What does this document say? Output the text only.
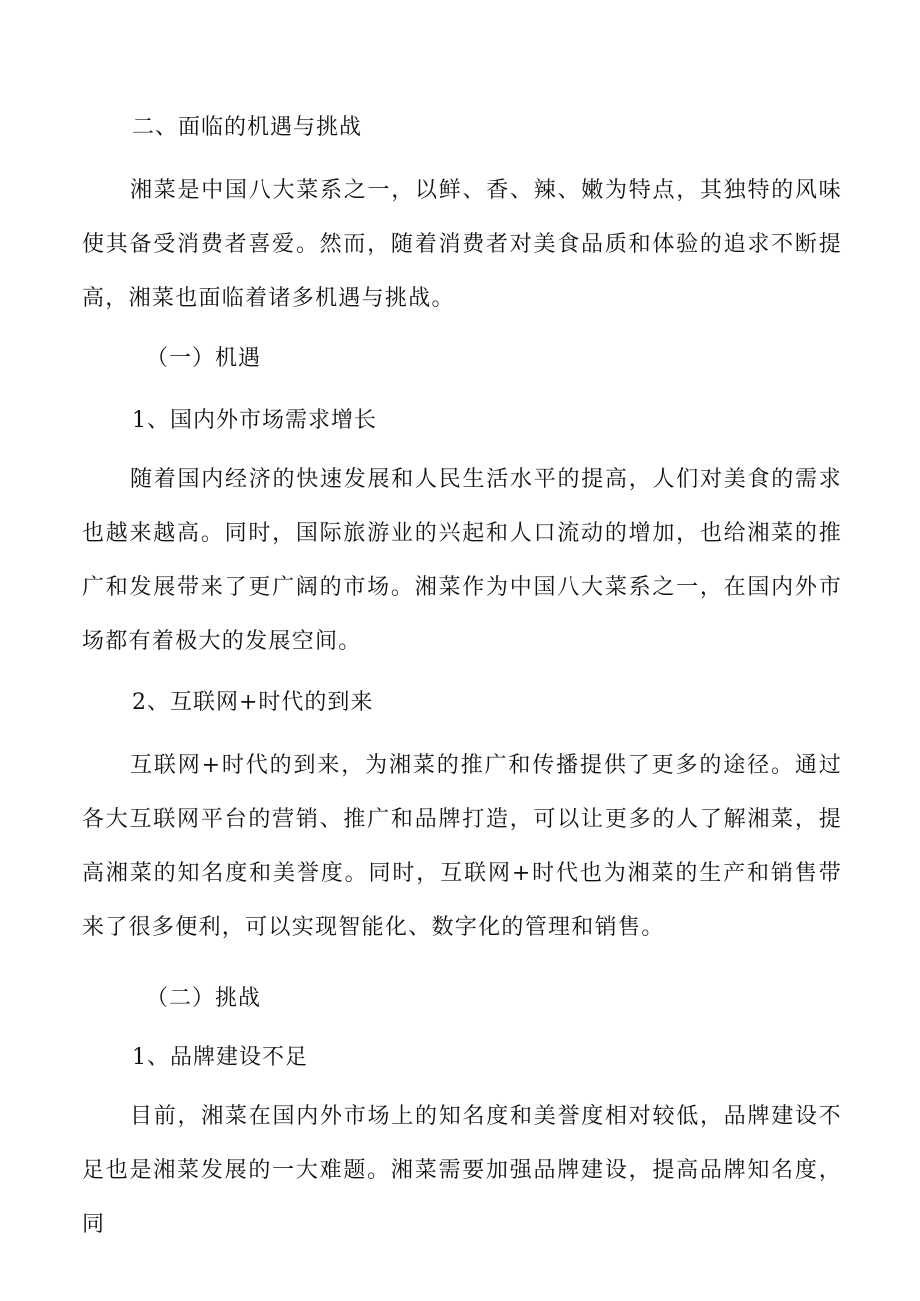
二、面临的机遇与挑战
湘菜是中国八大菜系之一，以鲜、香、辣、嫩为特点，其独特的风味使其备受消费者喜爱。然而，随着消费者对美食品质和体验的追求不断提高，湘菜也面临着诸多机遇与挑战。
（一）机遇
1、国内外市场需求增长
随着国内经济的快速发展和人民生活水平的提高，人们对美食的需求也越来越高。同时，国际旅游业的兴起和人口流动的增加，也给湘菜的推广和发展带来了更广阔的市场。湘菜作为中国八大菜系之一，在国内外市场都有着极大的发展空间。
2、互联网+时代的到来
互联网+时代的到来，为湘菜的推广和传播提供了更多的途径。通过各大互联网平台的营销、推广和品牌打造，可以让更多的人了解湘菜，提高湘菜的知名度和美誉度。同时，互联网+时代也为湘菜的生产和销售带来了很多便利，可以实现智能化、数字化的管理和销售。
（二）挑战
1、品牌建设不足
目前，湘菜在国内外市场上的知名度和美誉度相对较低，品牌建设不足也是湘菜发展的一大难题。湘菜需要加强品牌建设，提高品牌知名度，同
